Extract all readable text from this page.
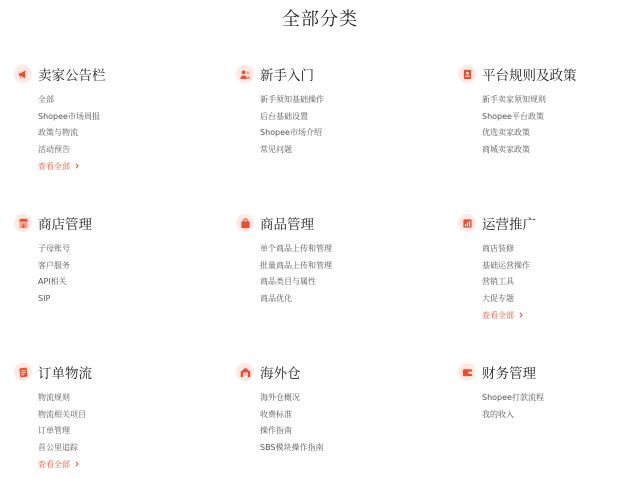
全部分类
卖家公告栏
全部
Shopee市场周报
政策与物流
活动预告
查看全部
新手入门
新手须知基础操作
后台基础设置
Shopee市场介绍
常见问题
平台规则及政策
新手卖家须知规则
Shopee平台政策
优选卖家政策
商城卖家政策
商店管理
子母账号
客户服务
API相关
SIP
商品管理
单个商品上传和管理
批量商品上传和管理
商品类目与属性
商品优化
运营推广
商店装修
基础运营操作
营销工具
大促专题
查看全部
订单物流
物流规则
物流相关项目
订单管理
首公里追踪
查看全部
海外仓
海外仓概况
收费标准
操作指南
SBS模块操作指南
财务管理
Shopee打款流程
我的收入
